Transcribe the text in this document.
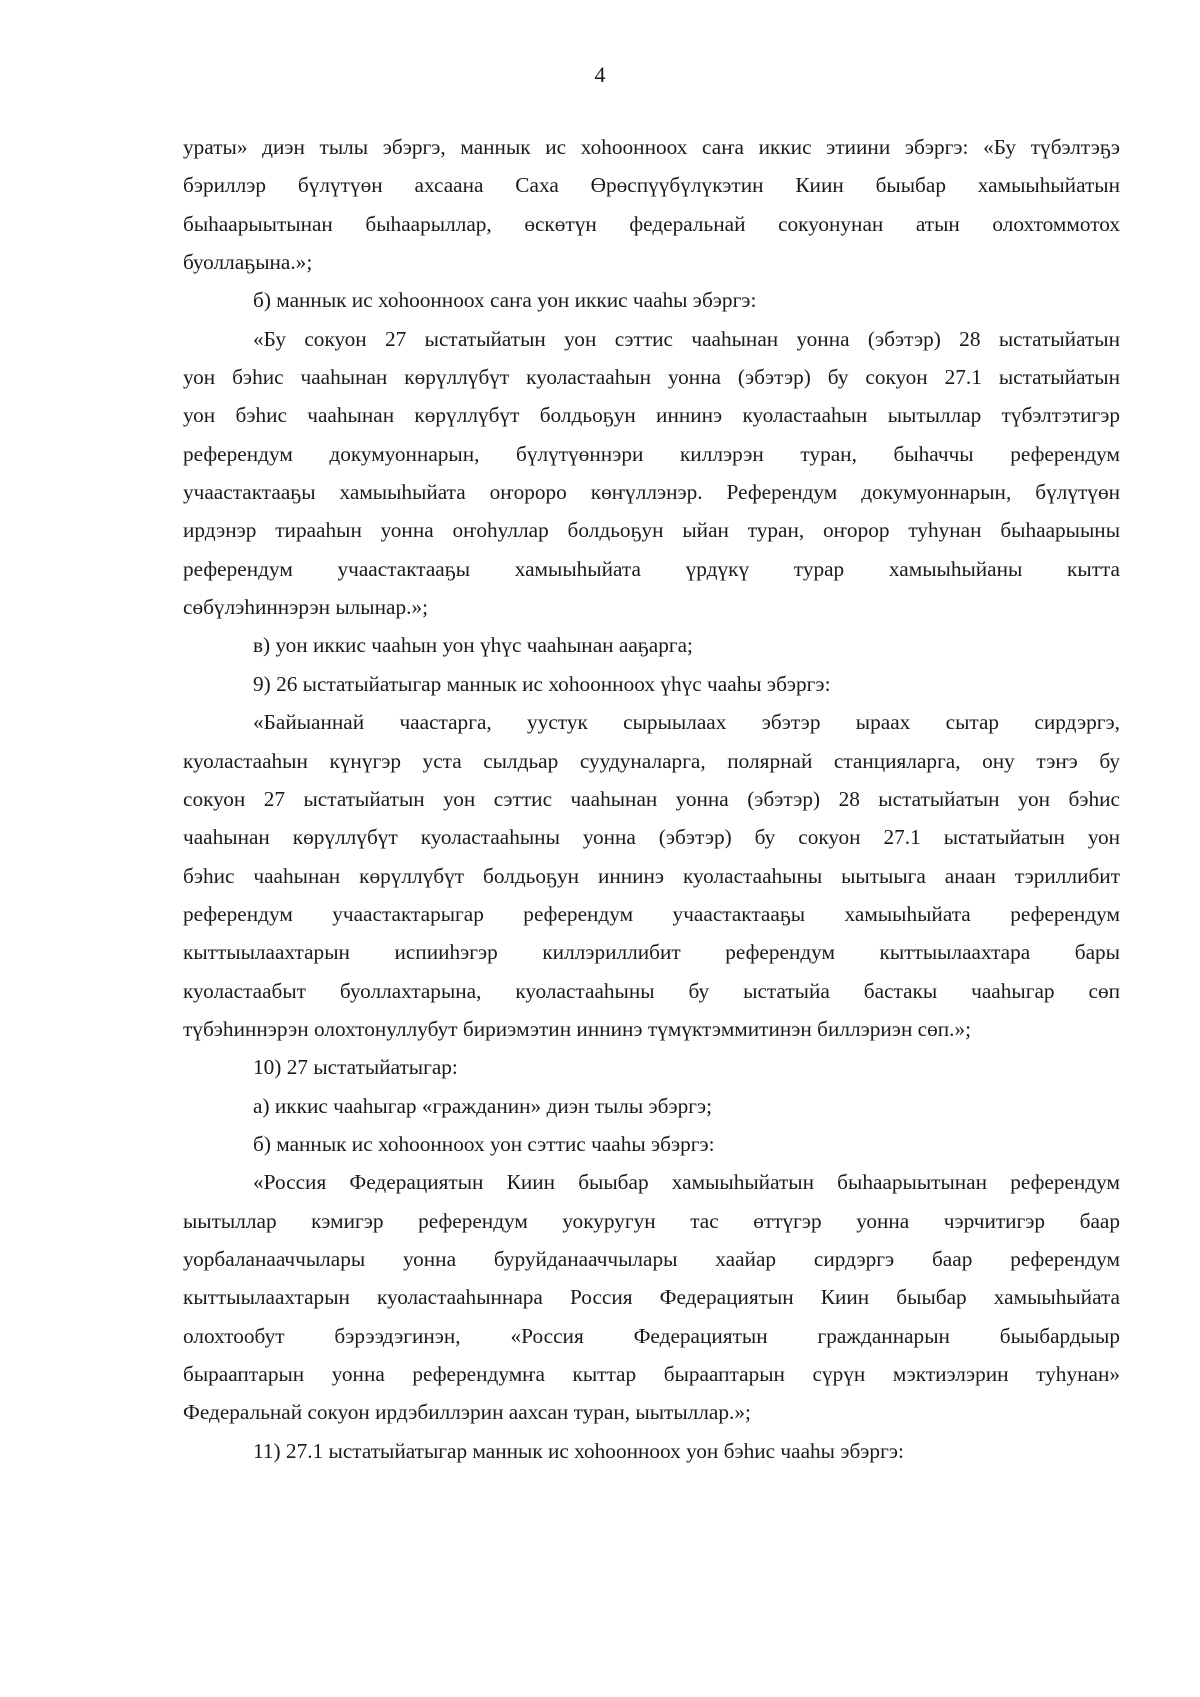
4

ураты» диэн тылы эбэргэ, маннык ис хоһоонноох саҥа иккис этиини эбэргэ: «Бу түбэлтэҕэ
бэриллэр бүлүтүөн ахсаана Саха Өрөспүүбүлүкэтин Киин быыбар хамыыһыйатын
быһаарыытынан быһаарыллар, өскөтүн федеральнай сокуонунан атын олохтоммотох
буоллаҕына.»;

б) маннык ис хоһоонноох саҥа уон иккис чааһы эбэргэ:

«Бу сокуон 27 ыстатыйатын уон сэттис чааһынан уонна (эбэтэр) 28 ыстатыйатын
уон бэһис чааһынан көрүллүбүт куоластааһын уонна (эбэтэр) бу сокуон 27.1 ыстатыйатын
уон бэһис чааһынан көрүллүбүт болдьоҕун иннинэ куоластааһын ыытыллар түбэлтэтигэр
референдум докумуоннарын, бүлүтүөннэри киллэрэн туран, быһаччы референдум
учаастактааҕы хамыыһыйата оҥороро көҥүллэнэр. Референдум докумуоннарын, бүлүтүөн
ирдэнэр тирааһын уонна оҥоһуллар болдьоҕун ыйан туран, оҥорор туһунан быһаарыыны
референдум учаастактааҕы хамыыһыйата үрдүкү турар хамыыһыйаны кытта
сөбүлэһиннэрэн ылынар.»;

в) уон иккис чааһын уон үһүс чааһынан ааҕарга;

9) 26 ыстатыйатыгар маннык ис хоһоонноох үһүс чааһы эбэргэ:

«Байыаннай чаастарга, уустук сырыылаах эбэтэр ыраах сытар сирдэргэ,
куоластааһын күнүгэр уста сылдьар суудуналарга, полярнай станцияларга, ону тэҥэ бу
сокуон 27 ыстатыйатын уон сэттис чааһынан уонна (эбэтэр) 28 ыстатыйатын уон бэһис
чааһынан көрүллүбүт куоластааһыны уонна (эбэтэр) бу сокуон 27.1 ыстатыйатын уон
бэһис чааһынан көрүллүбүт болдьоҕун иннинэ куоластааһыны ыытыыга анаан тэриллибит
референдум учаастактарыгар референдум учаастактааҕы хамыыһыйата референдум
кыттыылаахтарын испииһэгэр киллэриллибит референдум кыттыылаахтара бары
куоластаабыт буоллахтарына, куоластааһыны бу ыстатыйа бастакы чааһыгар сөп
түбэһиннэрэн олохтонуллубут бириэмэтин иннинэ түмүктэммитинэн биллэриэн сөп.»;

10) 27 ыстатыйатыгар:

а) иккис чааһыгар «гражданин» диэн тылы эбэргэ;

б) маннык ис хоһоонноох уон сэттис чааһы эбэргэ:

«Россия Федерациятын Киин быыбар хамыыһыйатын быһаарыытынан референдум
ыытыллар кэмигэр референдум уокуругун тас өттүгэр уонна чэрчитигэр баар
уорбаланааччылары уонна буруйданааччылары хаайар сирдэргэ баар референдум
кыттыылаахтарын куоластааһыннара Россия Федерациятын Киин быыбар хамыыһыйата
олохтообут бэрээдэгинэн, «Россия Федерациятын гражданнарын быыбардыыр
бырааптарын уонна референдумҥа кыттар бырааптарын сүрүн мэктиэлэрин туһунан»
Федеральнай сокуон ирдэбиллэрин аахсан туран, ыытыллар.»;

11) 27.1 ыстатыйатыгар маннык ис хоһоонноох уон бэһис чааһы эбэргэ:
